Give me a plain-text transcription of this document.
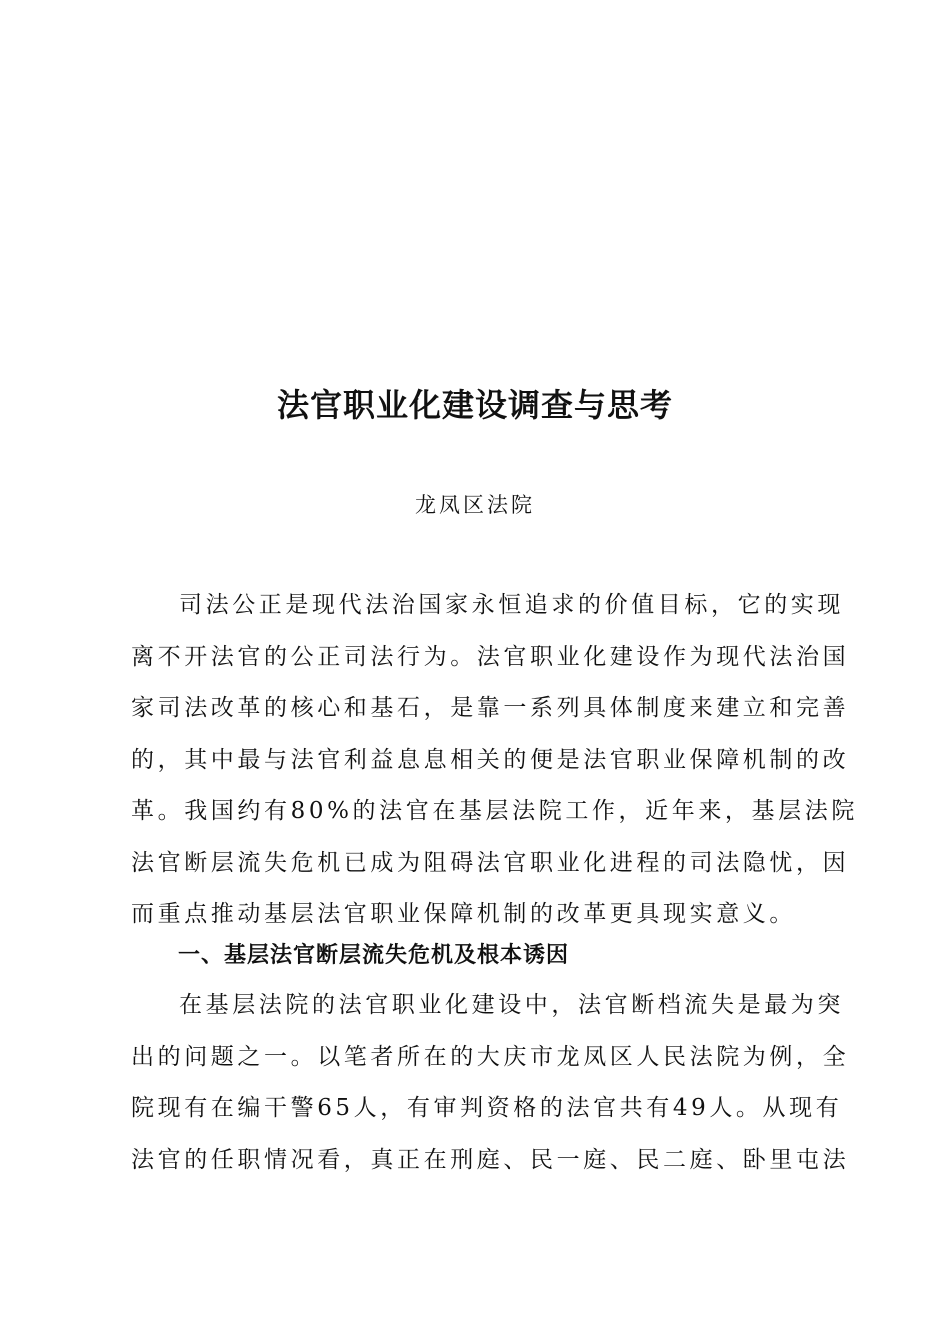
法官职业化建设调查与思考
龙凤区法院
司法公正是现代法治国家永恒追求的价值目标，它的实现
离不开法官的公正司法行为。法官职业化建设作为现代法治国
家司法改革的核心和基石，是靠一系列具体制度来建立和完善
的，其中最与法官利益息息相关的便是法官职业保障机制的改
革。我国约有80%的法官在基层法院工作，近年来，基层法院
法官断层流失危机已成为阻碍法官职业化进程的司法隐忧，因
而重点推动基层法官职业保障机制的改革更具现实意义。
一、基层法官断层流失危机及根本诱因
在基层法院的法官职业化建设中，法官断档流失是最为突
出的问题之一。以笔者所在的大庆市龙凤区人民法院为例，全
院现有在编干警65人，有审判资格的法官共有49人。从现有
法官的任职情况看，真正在刑庭、民一庭、民二庭、卧里屯法
